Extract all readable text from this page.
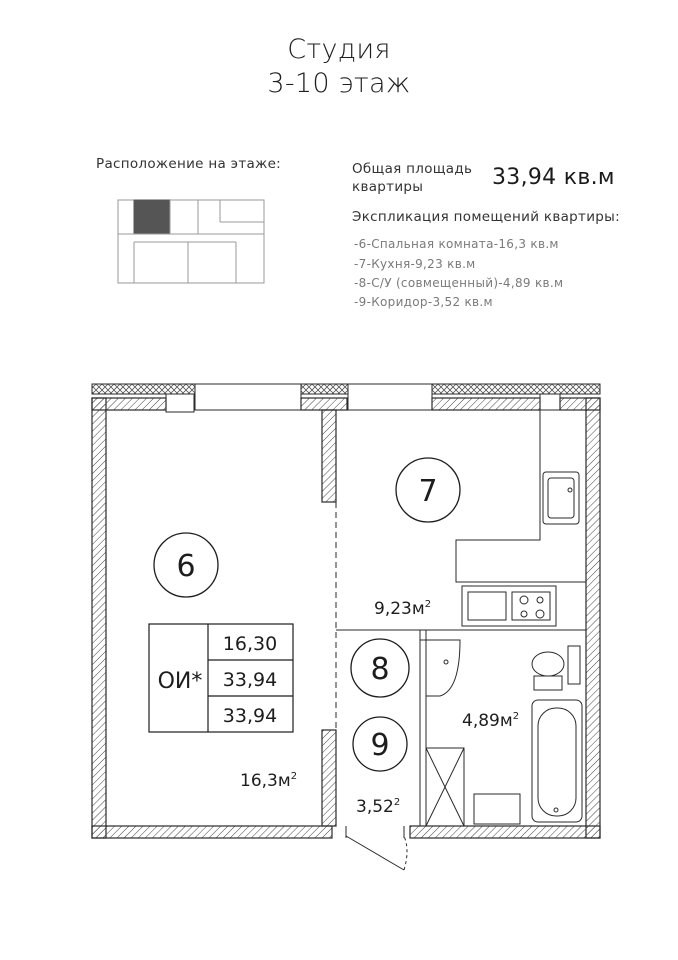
Студия
3-10 этаж
Расположение на этаже:	Общая площадь
квартиры	33,94 кв.м
Экспликация помещений квартиры:
-6-Спальная комната-16,3 кв.м
-7-Кухня-9,23 кв.м
-8-С/У (совмещенный)-4,89 кв.м
-9-Коридор-3,52 кв.м
6
7
8
9
$16,3м^2$
$9,23м^2$
$4,89м^2$
3,52$^2$
ОИ*
16,30
33,94
33,94
